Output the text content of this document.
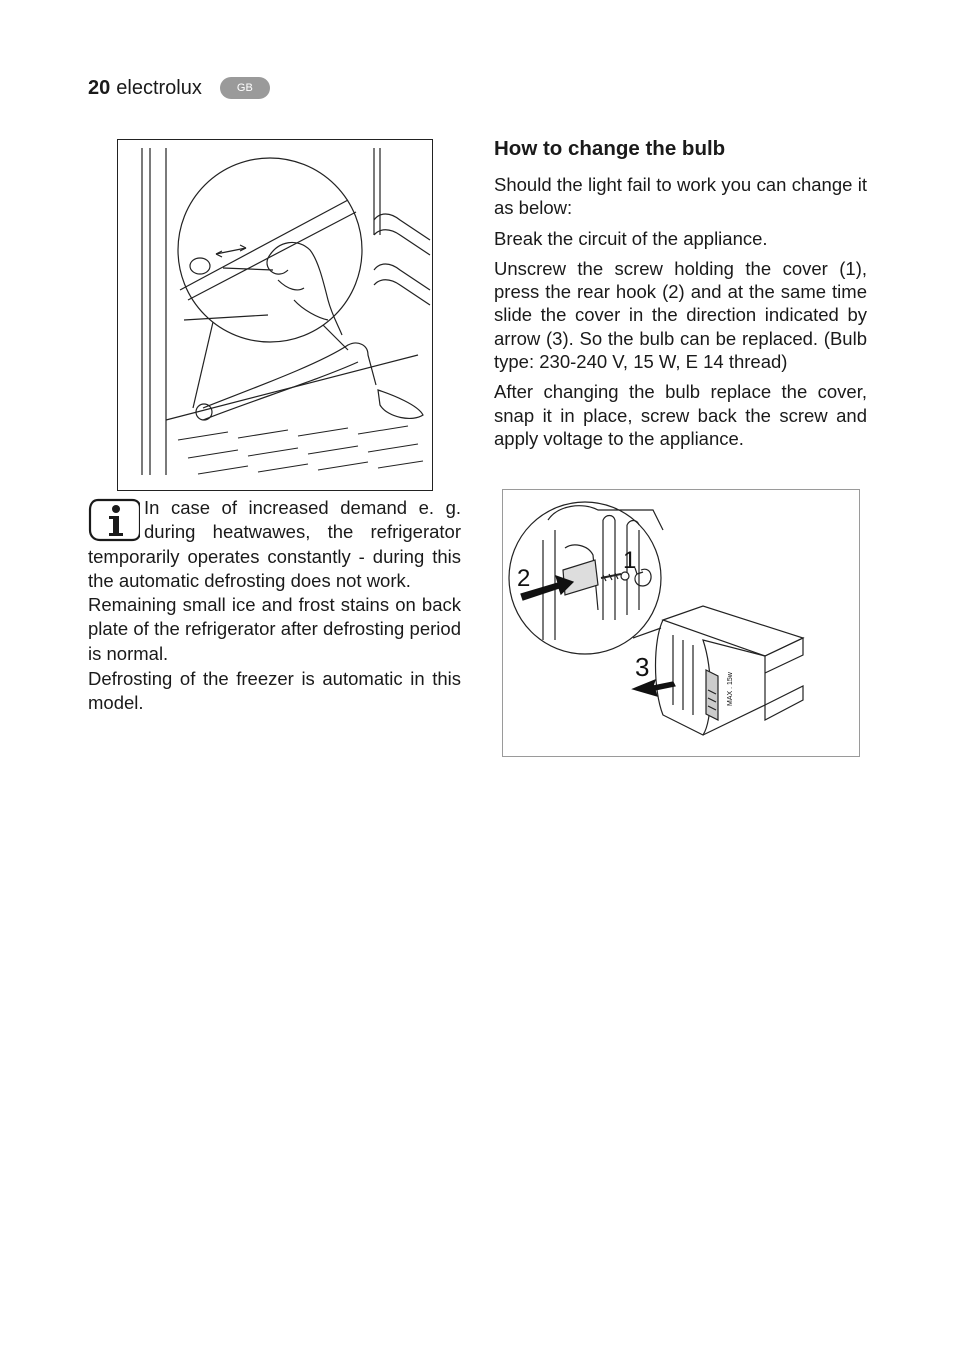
20 electrolux	GB

In case of increased demand e. g. during heatwawes, the refrigerator temporarily operates constantly - during this the automatic defrosting does not work.

Remaining small ice and frost stains on back plate of the refrigerator after defrosting period is normal.

Defrosting of the freezer is automatic in this model.

How to change the bulb

Should the light fail to work you can change it as below:

Break the circuit of the appliance.

Unscrew the screw holding the cover (1), press the rear hook (2) and at the same time slide the cover in the direction indicated by arrow (3). So the bulb can be replaced. (Bulb type: 230-240 V, 15 W, E 14 thread)

After changing the bulb replace the cover, snap it in place, screw back the screw and apply voltage to the appliance.

1
2
3
MAX . 15w
